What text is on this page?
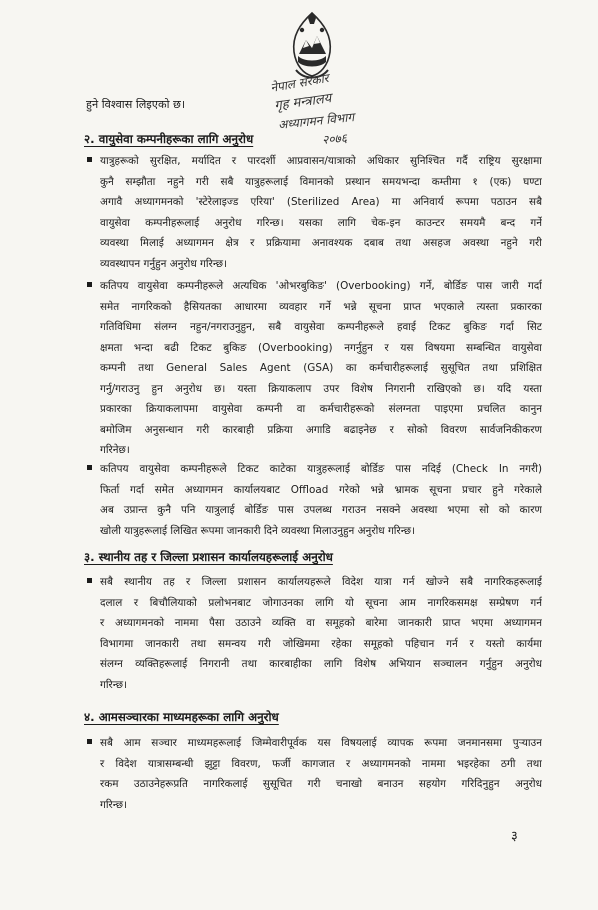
नेपाल सरकार
गृह मन्त्रालय
अध्यागमन विभाग
२०७६
हुने विश्वास लिइएको छ।
२. वायुसेवा कम्पनीहरूका लागि अनुरोध
यात्रुहरूको सुरक्षित, मर्यादित र पारदर्शी आप्रवासन/यात्राको अधिकार सुनिश्चित गर्दै राष्ट्रिय सुरक्षामा
कुनै सम्झौता नहुने गरी सबै यात्रुहरूलाई विमानको प्रस्थान समयभन्दा कम्तीमा १ (एक) घण्टा
अगावै अध्यागमनको 'स्टेरेलाइज्ड एरिया' (Sterilized Area) मा अनिवार्य रूपमा पठाउन सबै
वायुसेवा कम्पनीहरूलाई अनुरोध गरिन्छ। यसका लागि चेक-इन काउन्टर समयमै बन्द गर्ने
व्यवस्था मिलाई अध्यागमन क्षेत्र र प्रक्रियामा अनावश्यक दबाब तथा असहज अवस्था नहुने गरी
व्यवस्थापन गर्नुहुन अनुरोध गरिन्छ।
कतिपय वायुसेवा कम्पनीहरूले अत्यधिक 'ओभरबुकिङ' (Overbooking) गर्ने, बोर्डिङ पास जारी गर्दा
समेत नागरिकको हैसियतका आधारमा व्यवहार गर्ने भन्ने सूचना प्राप्त भएकाले त्यस्ता प्रकारका
गतिविधिमा संलग्न नहुन/नगराउनुहुन, सबै वायुसेवा कम्पनीहरूले हवाई टिकट बुकिङ गर्दा सिट
क्षमता भन्दा बढी टिकट बुकिङ (Overbooking) नगर्नुहुन र यस विषयमा सम्बन्धित वायुसेवा
कम्पनी तथा General Sales Agent (GSA) का कर्मचारीहरूलाई सुसूचित तथा प्रशिक्षित
गर्नु/गराउनु हुन अनुरोध छ। यस्ता क्रियाकलाप उपर विशेष निगरानी राखिएको छ। यदि यस्ता
प्रकारका क्रियाकलापमा वायुसेवा कम्पनी वा कर्मचारीहरूको संलग्नता पाइएमा प्रचलित कानुन
बमोजिम अनुसन्धान गरी कारबाही प्रक्रिया अगाडि बढाइनेछ र सोको विवरण सार्वजनिकीकरण
गरिनेछ।
कतिपय वायुसेवा कम्पनीहरूले टिकट काटेका यात्रुहरूलाई बोर्डिङ पास नदिई (Check In नगरी)
फिर्ता गर्दा समेत अध्यागमन कार्यालयबाट Offload गरेको भन्ने भ्रामक सूचना प्रचार हुने गरेकाले
अब उप्रान्त कुनै पनि यात्रुलाई बोर्डिङ पास उपलब्ध गराउन नसक्ने अवस्था भएमा सो को कारण
खोली यात्रुहरूलाई लिखित रूपमा जानकारी दिने व्यवस्था मिलाउनुहुन अनुरोध गरिन्छ।
३. स्थानीय तह र जिल्ला प्रशासन कार्यालयहरूलाई अनुरोध
सबै स्थानीय तह र जिल्ला प्रशासन कार्यालयहरूले विदेश यात्रा गर्न खोज्ने सबै नागरिकहरूलाई
दलाल र बिचौलियाको प्रलोभनबाट जोगाउनका लागि यो सूचना आम नागरिकसमक्ष सम्प्रेषण गर्न
र अध्यागमनको नाममा पैसा उठाउने व्यक्ति वा समूहको बारेमा जानकारी प्राप्त भएमा अध्यागमन
विभागमा जानकारी तथा समन्वय गरी जोखिममा रहेका समूहको पहिचान गर्न र यस्तो कार्यमा
संलग्न व्यक्तिहरूलाई निगरानी तथा कारबाहीका लागि विशेष अभियान सञ्चालन गर्नुहुन अनुरोध
गरिन्छ।
४. आमसञ्चारका माध्यमहरूका लागि अनुरोध
सबै आम सञ्चार माध्यमहरूलाई जिम्मेवारीपूर्वक यस विषयलाई व्यापक रूपमा जनमानसमा पुऱ्याउन
र विदेश यात्रासम्बन्धी झुट्टा विवरण, फर्जी कागजात र अध्यागमनको नाममा भइरहेका ठगी तथा
रकम उठाउनेहरूप्रति नागरिकलाई सुसूचित गरी चनाखो बनाउन सहयोग गरिदिनुहुन अनुरोध
गरिन्छ।
३
